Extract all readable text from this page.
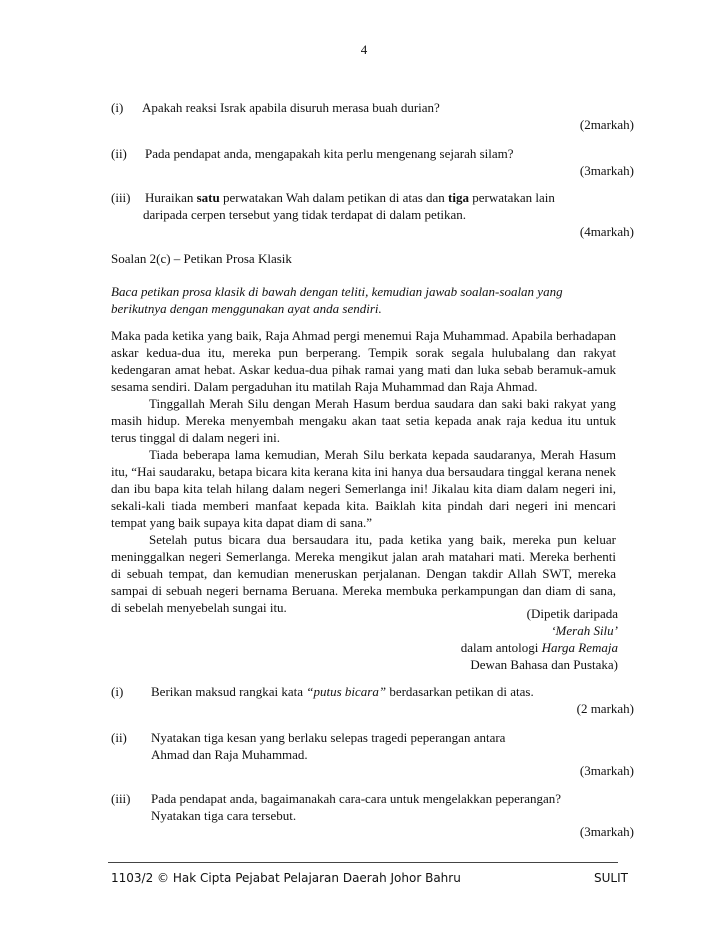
4
(i) Apakah reaksi Israk apabila disuruh merasa buah durian?
(2markah)
(ii) Pada pendapat anda, mengapakah kita perlu mengenang sejarah silam?
(3markah)
(iii) Huraikan satu perwatakan Wah dalam petikan di atas dan tiga perwatakan lain
daripada cerpen tersebut yang tidak terdapat di dalam petikan.
(4markah)
Soalan 2(c) – Petikan Prosa Klasik
Baca petikan prosa klasik di bawah dengan teliti, kemudian jawab soalan-soalan yang berikutnya dengan menggunakan ayat anda sendiri.

Maka pada ketika yang baik, Raja Ahmad pergi menemui Raja Muhammad. Apabila berhadapan askar kedua-dua itu, mereka pun berperang. Tempik sorak segala hulubalang dan rakyat kedengaran amat hebat. Askar kedua-dua pihak ramai yang mati dan luka sebab beramuk-amuk sesama sendiri. Dalam pergaduhan itu matilah Raja Muhammad dan Raja Ahmad.

Tinggallah Merah Silu dengan Merah Hasum berdua saudara dan saki baki rakyat yang masih hidup. Mereka menyembah mengaku akan taat setia kepada anak raja kedua itu untuk terus tinggal di dalam negeri ini.

Tiada beberapa lama kemudian, Merah Silu berkata kepada saudaranya, Merah Hasum itu, “Hai saudaraku, betapa bicara kita kerana kita ini hanya dua bersaudara tinggal kerana nenek dan ibu bapa kita telah hilang dalam negeri Semerlanga ini! Jikalau kita diam dalam negeri ini, sekali-kali tiada memberi manfaat kepada kita. Baiklah kita pindah dari negeri ini mencari tempat yang baik supaya kita dapat diam di sana.”

Setelah putus bicara dua bersaudara itu, pada ketika yang baik, mereka pun keluar meninggalkan negeri Semerlanga. Mereka mengikut jalan arah matahari mati. Mereka berhenti di sebuah tempat, dan kemudian meneruskan perjalanan. Dengan takdir Allah SWT, mereka sampai di sebuah negeri bernama Beruana. Mereka membuka perkampungan dan diam di sana, di sebelah menyebelah sungai itu.	(Dipetik daripada
‘Merah Silu’
dalam antologi Harga Remaja
Dewan Bahasa dan Pustaka)
(i) Berikan maksud rangkai kata “putus bicara” berdasarkan petikan di atas.
(2 markah)
(ii) Nyatakan tiga kesan yang berlaku selepas tragedi peperangan antara
Ahmad dan Raja Muhammad.
(3markah)
(iii) Pada pendapat anda, bagaimanakah cara-cara untuk mengelakkan peperangan?
Nyatakan tiga cara tersebut.
(3markah)
1103/2 © Hak Cipta Pejabat Pelajaran Daerah Johor Bahru	SULIT
